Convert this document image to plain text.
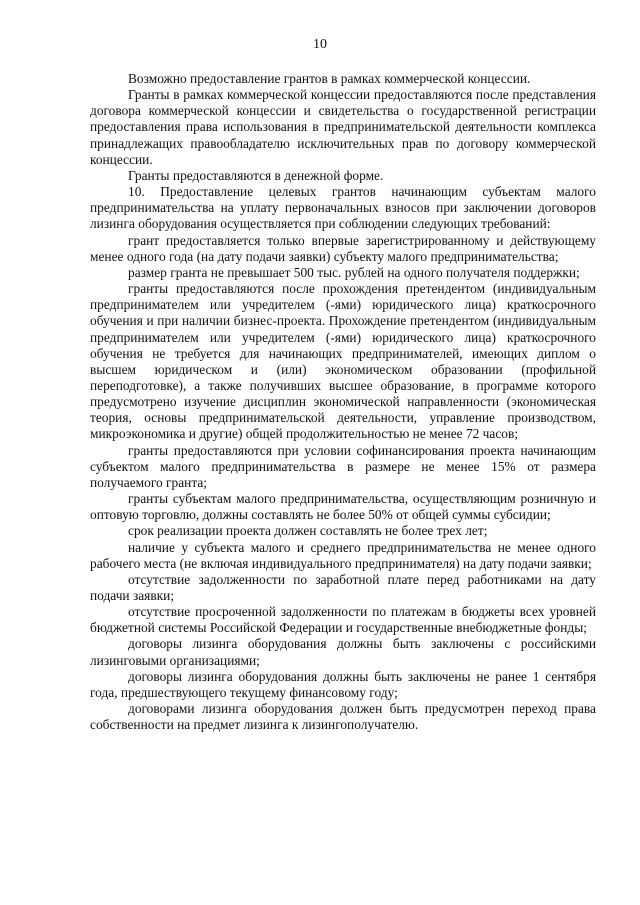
10

Возможно предоставление грантов в рамках коммерческой концессии.

Гранты в рамках коммерческой концессии предоставляются после представления договора коммерческой концессии и свидетельства о государственной регистрации предоставления права использования в предпринимательской деятельности комплекса принадлежащих правообладателю исключительных прав по договору коммерческой концессии.

Гранты предоставляются в денежной форме.

10. Предоставление целевых грантов начинающим субъектам малого предпринимательства на уплату первоначальных взносов при заключении договоров лизинга оборудования осуществляется при соблюдении следующих требований:

грант предоставляется только впервые зарегистрированному и действующему менее одного года (на дату подачи заявки) субъекту малого предпринимательства;

размер гранта не превышает 500 тыс. рублей на одного получателя поддержки;

гранты предоставляются после прохождения претендентом (индивидуальным предпринимателем или учредителем (-ями) юридического лица) краткосрочного обучения и при наличии бизнес-проекта. Прохождение претендентом (индивидуальным предпринимателем или учредителем (-ями) юридического лица) краткосрочного обучения не требуется для начинающих предпринимателей, имеющих диплом о высшем юридическом и (или) экономическом образовании (профильной переподготовке), а также получивших высшее образование, в программе которого предусмотрено изучение дисциплин экономической направленности (экономическая теория, основы предпринимательской деятельности, управление производством, микроэкономика и другие) общей продолжительностью не менее 72 часов;

гранты предоставляются при условии софинансирования проекта начинающим субъектом малого предпринимательства в размере не менее 15% от размера получаемого гранта;

гранты субъектам малого предпринимательства, осуществляющим розничную и оптовую торговлю, должны составлять не более 50% от общей суммы субсидии;

срок реализации проекта должен составлять не более трех лет;

наличие у субъекта малого и среднего предпринимательства не менее одного рабочего места (не включая индивидуального предпринимателя) на дату подачи заявки;

отсутствие задолженности по заработной плате перед работниками на дату подачи заявки;

отсутствие просроченной задолженности по платежам в бюджеты всех уровней бюджетной системы Российской Федерации и государственные внебюджетные фонды;

договоры лизинга оборудования должны быть заключены с российскими лизинговыми организациями;

договоры лизинга оборудования должны быть заключены не ранее 1 сентября года, предшествующего текущему финансовому году;

договорами лизинга оборудования должен быть предусмотрен переход права собственности на предмет лизинга к лизингополучателю.
